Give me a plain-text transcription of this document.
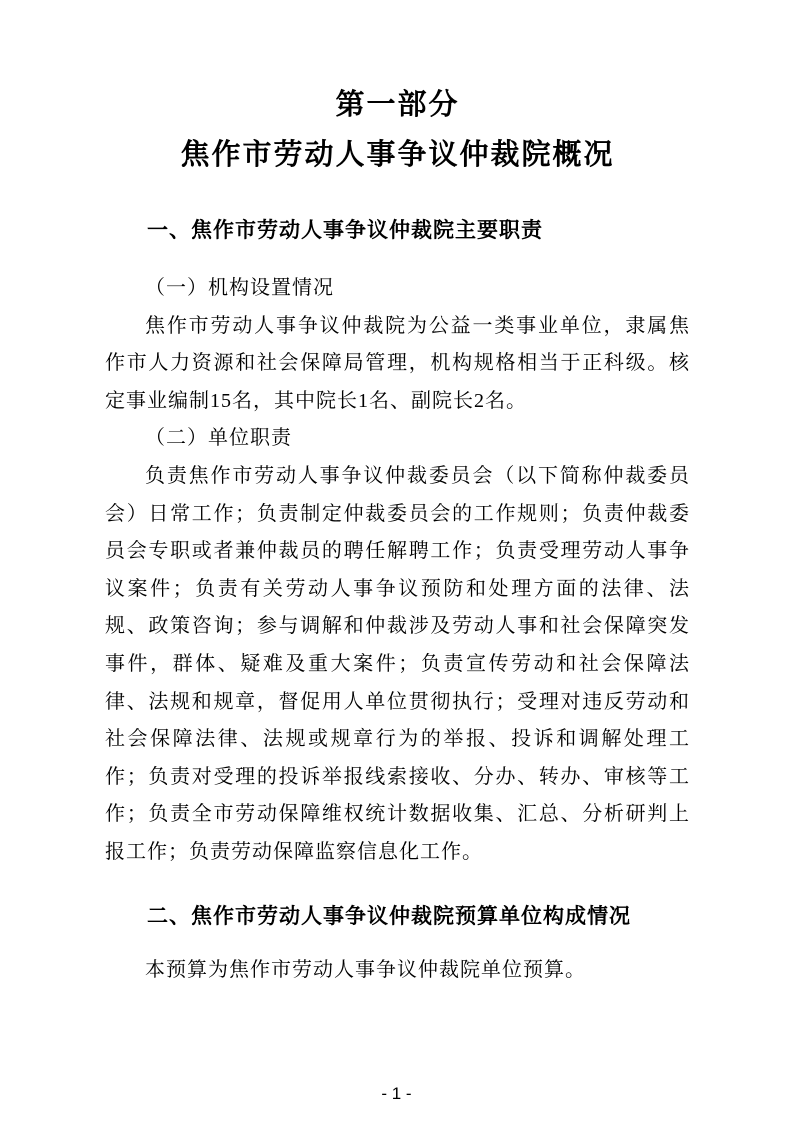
第一部分
焦作市劳动人事争议仲裁院概况
一、焦作市劳动人事争议仲裁院主要职责

（一）机构设置情况

焦作市劳动人事争议仲裁院为公益一类事业单位，隶属焦作市人力资源和社会保障局管理，机构规格相当于正科级。核定事业编制15名，其中院长1名、副院长2名。

（二）单位职责

负责焦作市劳动人事争议仲裁委员会（以下简称仲裁委员会）日常工作；负责制定仲裁委员会的工作规则；负责仲裁委员会专职或者兼仲裁员的聘任解聘工作；负责受理劳动人事争议案件；负责有关劳动人事争议预防和处理方面的法律、法规、政策咨询；参与调解和仲裁涉及劳动人事和社会保障突发事件，群体、疑难及重大案件；负责宣传劳动和社会保障法律、法规和规章，督促用人单位贯彻执行；受理对违反劳动和社会保障法律、法规或规章行为的举报、投诉和调解处理工作；负责对受理的投诉举报线索接收、分办、转办、审核等工作；负责全市劳动保障维权统计数据收集、汇总、分析研判上报工作；负责劳动保障监察信息化工作。

二、焦作市劳动人事争议仲裁院预算单位构成情况

本预算为焦作市劳动人事争议仲裁院单位预算。

- 1 -
